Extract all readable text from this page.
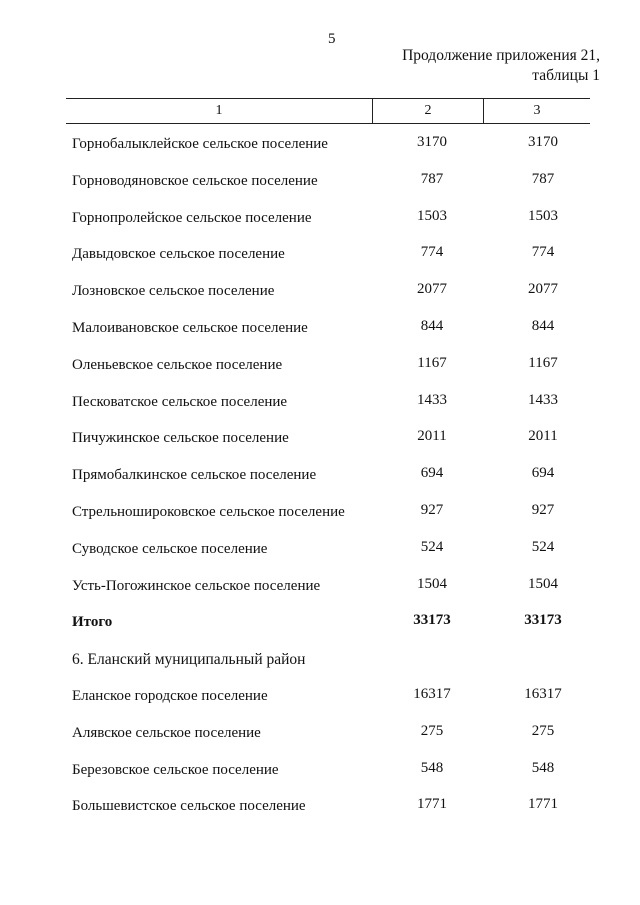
5
Продолжение приложения 21,
таблицы 1
1	2	3
Горнобалыклейское сельское поселение	3170	3170
Горноводяновское сельское поселение	787	787
Горнопролейское сельское поселение	1503	1503
Давыдовское сельское поселение	774	774
Лозновское сельское поселение	2077	2077
Малоивановское сельское поселение	844	844
Оленьевское сельское поселение	1167	1167
Песковатское сельское поселение	1433	1433
Пичужинское сельское поселение	2011	2011
Прямобалкинское сельское поселение	694	694
Стрельноширoковское сельское поселение	927	927
Суводское сельское поселение	524	524
Усть-Погожинское сельское поселение	1504	1504
Итого	33173	33173
6. Еланский муниципальный район
Еланское городское поселение	16317	16317
Алявское сельское поселение	275	275
Березовское сельское поселение	548	548
Большевистское сельское поселение	1771	1771
